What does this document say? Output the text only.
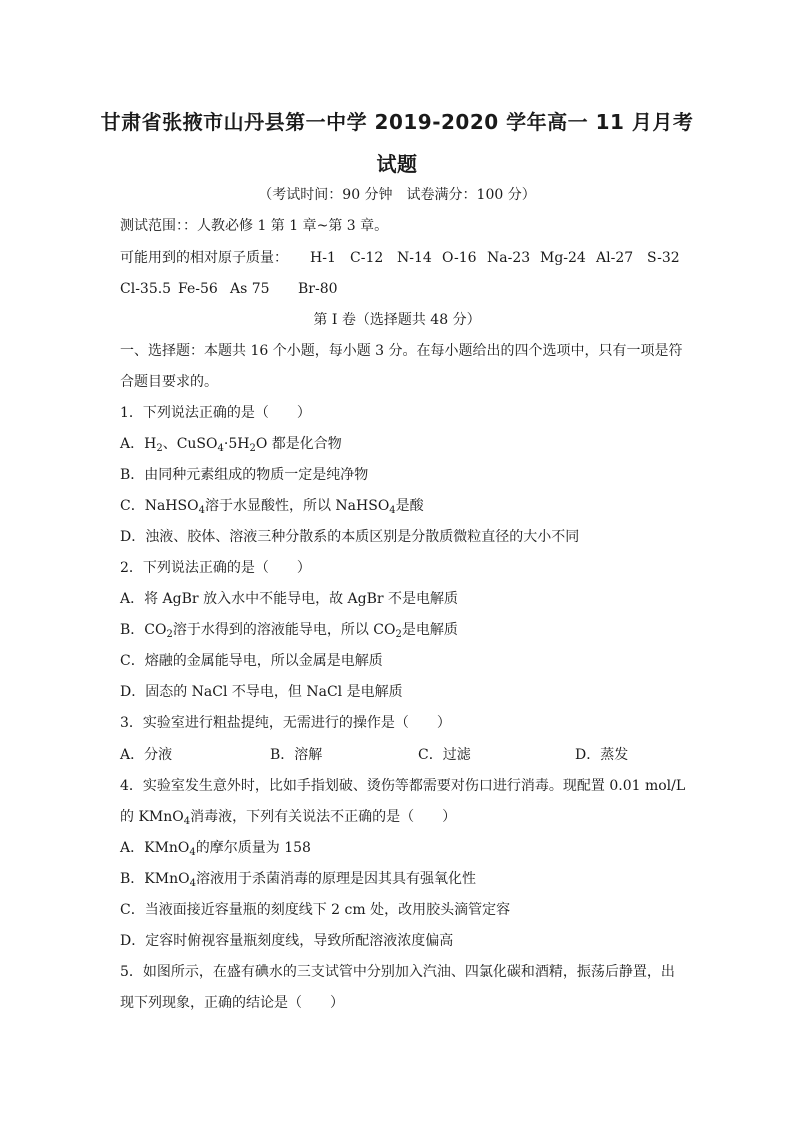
甘肃省张掖市山丹县第一中学 2019-2020 学年高一 11 月月考
试题
（考试时间：90 分钟　试卷满分：100 分）
测试范围：：人教必修 1 第 1 章~第 3 章。
可能用到的相对原子质量： H-1 C-12 N-14 O-16 Na-23 Mg-24 Al-27 S-32
Cl-35.5 Fe-56 As 75 Br-80
第 I 卷（选择题共 48 分）
一、选择题：本题共 16 个小题，每小题 3 分。在每小题给出的四个选项中，只有一项是符
合题目要求的。
1．下列说法正确的是（　　）
A．$H_2$、$CuSO_4\cdot 5H_2O$ 都是化合物
B．由同种元素组成的物质一定是纯净物
C．NaHSO$_4$溶于水显酸性，所以 NaHSO$_4$是酸
D．浊液、胶体、溶液三种分散系的本质区别是分散质微粒直径的大小不同
2．下列说法正确的是（　　）
A．将 AgBr 放入水中不能导电，故 AgBr 不是电解质
B．$CO_2$溶于水得到的溶液能导电，所以 $CO_2$是电解质
C．熔融的金属能导电，所以金属是电解质
D．固态的 NaCl 不导电，但 NaCl 是电解质
3．实验室进行粗盐提纯，无需进行的操作是（　　）
A．分液	B．溶解	C．过滤	D．蒸发
4．实验室发生意外时，比如手指划破、烫伤等都需要对伤口进行消毒。现配置 0.01 mol/L
的 KMnO$_4$消毒液，下列有关说法不正确的是（　　）
A．KMnO$_4$的摩尔质量为 158
B．KMnO$_4$溶液用于杀菌消毒的原理是因其具有强氧化性
C．当液面接近容量瓶的刻度线下 2 cm 处，改用胶头滴管定容
D．定容时俯视容量瓶刻度线，导致所配溶液浓度偏高
5．如图所示，在盛有碘水的三支试管中分别加入汽油、四氯化碳和酒精，振荡后静置，出
现下列现象，正确的结论是（　　）
